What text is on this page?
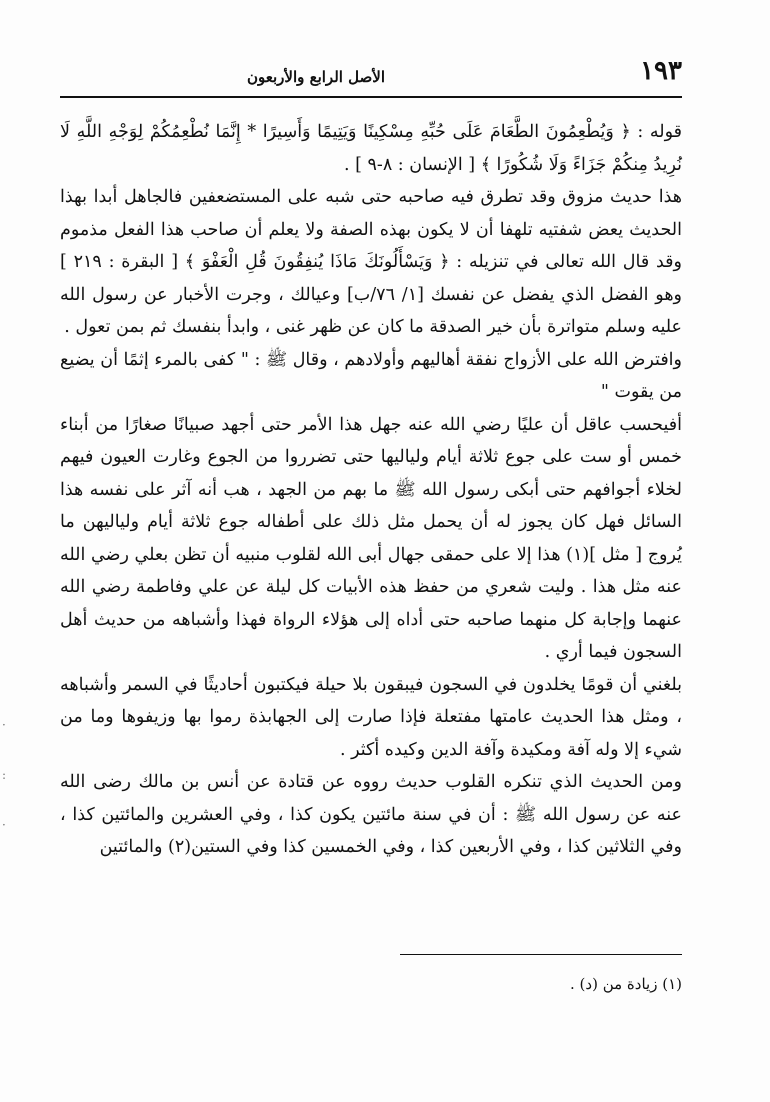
١٩٣
الأصل الرابع والأربعون

قوله : ﴿ وَيُطْعِمُونَ الطَّعَامَ عَلَى حُبِّهِ مِسْكِينًا وَيَتِيمًا وَأَسِيرًا * إِنَّمَا نُطْعِمُكُمْ لِوَجْهِ اللَّهِ لَا نُرِيدُ مِنكُمْ جَزَاءً وَلَا شُكُورًا ﴾ [ الإنسان : ٨-٩ ] .

هذا حديث مزوق وقد تطرق فيه صاحبه حتى شبه على المستضعفين فالجاهل أبدا بهذا الحديث يعض شفتيه تلهفا أن لا يكون بهذه الصفة ولا يعلم أن صاحب هذا الفعل مذموم وقد قال الله تعالى في تنزيله : ﴿ وَيَسْأَلُونَكَ مَاذَا يُنفِقُونَ قُلِ الْعَفْوَ ﴾ [ البقرة : ٢١٩ ] وهو الفضل الذي يفضل عن نفسك [١/ ٧٦/ب] وعيالك ، وجرت الأخبار عن رسول الله عليه وسلم متواترة بأن خير الصدقة ما كان عن ظهر غنى ، وابدأ بنفسك ثم بمن تعول .

وافترض الله على الأزواج نفقة أهاليهم وأولادهم ، وقال ﷺ : " كفى بالمرء إثمًا أن يضيع من يقوت "

أفيحسب عاقل أن عليًا رضي الله عنه جهل هذا الأمر حتى أجهد صبيانًا صغارًا من أبناء خمس أو ست على جوع ثلاثة أيام ولياليها حتى تضرروا من الجوع وغارت العيون فيهم لخلاء أجوافهم حتى أبكى رسول الله ﷺ ما بهم من الجهد ، هب أنه آثر على نفسه هذا السائل فهل كان يجوز له أن يحمل مثل ذلك على أطفاله جوع ثلاثة أيام ولياليهن ما يُروج [ مثل ](١) هذا إلا على حمقى جهال أبى الله لقلوب منبيه أن تظن بعلي رضي الله عنه مثل هذا . وليت شعري من حفظ هذه الأبيات كل ليلة عن علي وفاطمة رضي الله عنهما وإجابة كل منهما صاحبه حتى أداه إلى هؤلاء الرواة فهذا وأشباهه من حديث أهل السجون فيما أري .

بلغني أن قومًا يخلدون في السجون فيبقون بلا حيلة فيكتبون أحاديثًا في السمر وأشباهه ، ومثل هذا الحديث عامتها مفتعلة فإذا صارت إلى الجهابذة رموا بها وزيفوها وما من شيء إلا وله آفة ومكيدة وآفة الدين وكيده أكثر .

ومن الحديث الذي تنكره القلوب حديث رووه عن قتادة عن أنس بن مالك رضى الله عنه عن رسول الله ﷺ : أن في سنة مائتين يكون كذا ، وفي العشرين والمائتين كذا ، وفي الثلاثين كذا ، وفي الأربعين كذا ، وفي الخمسين كذا وفي الستين(٢) والمائتين

(١) زيادة من (د) .
·
:
·
